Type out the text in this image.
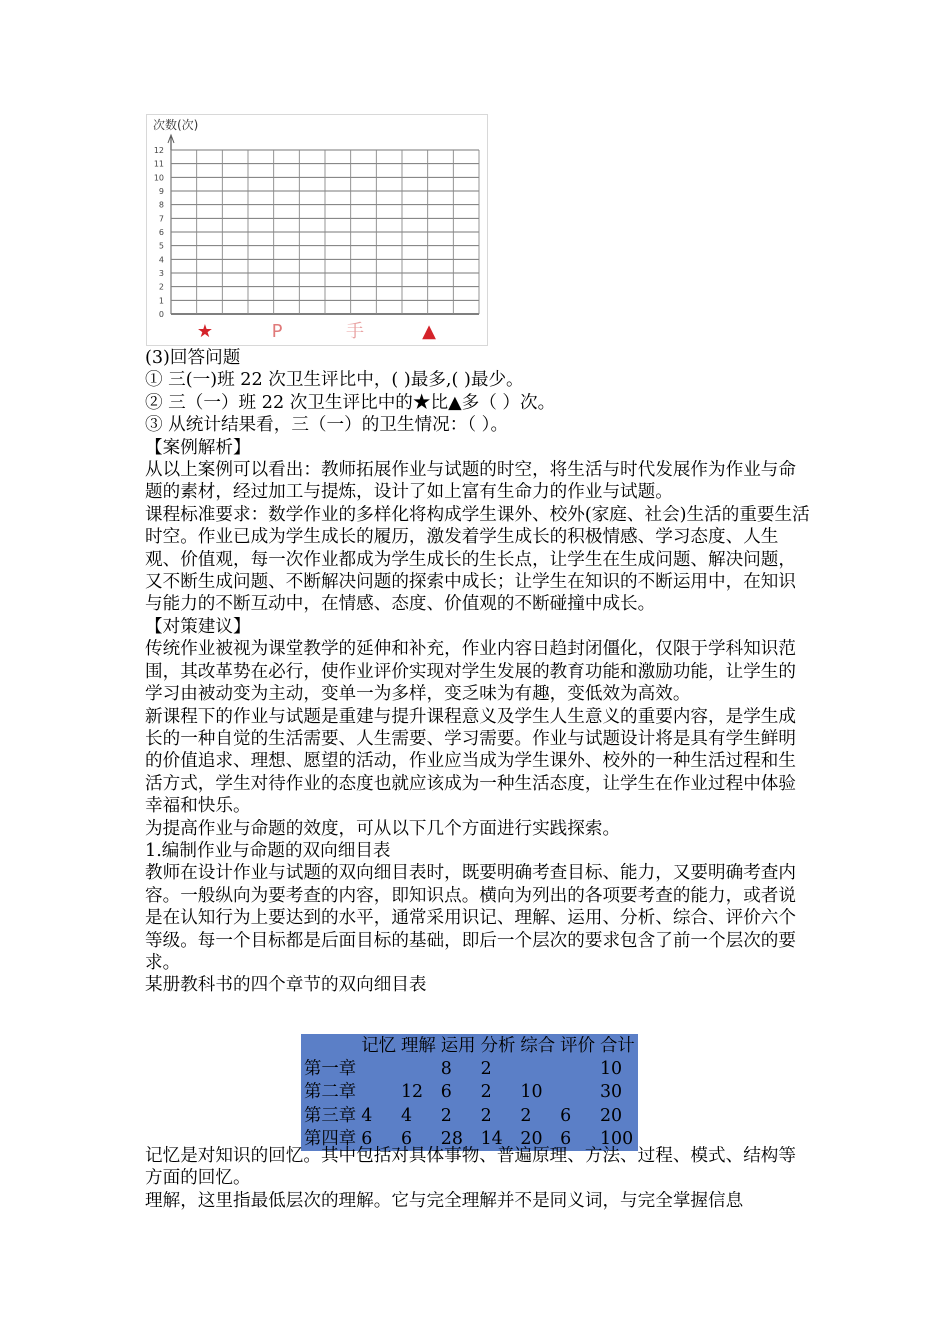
次数(次)
0
1
2
3
4
5
6
7
8
9
10
11
12
★	P	手	▲

(3)回答问题

① 三(一)班 22 次卫生评比中，( )最多,( )最少。

② 三（一）班 22 次卫生评比中的★比▲多（ ）次。

③ 从统计结果看，三（一）的卫生情况：（ ）。

【案例解析】

从以上案例可以看出：教师拓展作业与试题的时空，将生活与时代发展作为作业与命题的素材，经过加工与提炼，设计了如上富有生命力的作业与试题。

课程标准要求：数学作业的多样化将构成学生课外、校外(家庭、社会)生活的重要生活时空。作业已成为学生成长的履历，激发着学生成长的积极情感、学习态度、人生观、价值观，每一次作业都成为学生成长的生长点，让学生在生成问题、解决问题，又不断生成问题、不断解决问题的探索中成长；让学生在知识的不断运用中，在知识与能力的不断互动中，在情感、态度、价值观的不断碰撞中成长。

【对策建议】

传统作业被视为课堂教学的延伸和补充，作业内容日趋封闭僵化，仅限于学科知识范围，其改革势在必行，使作业评价实现对学生发展的教育功能和激励功能，让学生的学习由被动变为主动，变单一为多样，变乏味为有趣，变低效为高效。

新课程下的作业与试题是重建与提升课程意义及学生人生意义的重要内容，是学生成长的一种自觉的生活需要、人生需要、学习需要。作业与试题设计将是具有学生鲜明的价值追求、理想、愿望的活动，作业应当成为学生课外、校外的一种生活过程和生活方式，学生对待作业的态度也就应该成为一种生活态度，让学生在作业过程中体验幸福和快乐。

为提高作业与命题的效度，可从以下几个方面进行实践探索。

1.编制作业与命题的双向细目表

教师在设计作业与试题的双向细目表时，既要明确考查目标、能力，又要明确考查内容。一般纵向为要考查的内容，即知识点。横向为列出的各项要考查的能力，或者说是在认知行为上要达到的水平，通常采用识记、理解、运用、分析、综合、评价六个等级。每一个目标都是后面目标的基础，即后一个层次的要求包含了前一个层次的要求。

某册教科书的四个章节的双向细目表

	记忆	理解	运用	分析	综合	评价	合计
第一章			8	2			10
第二章		12	6	2	10		30
第三章	4	4	2	2	2	6	20
第四章	6	6	28	14	20	6	100

记忆是对知识的回忆。其中包括对具体事物、普遍原理、方法、过程、模式、结构等方面的回忆。

理解，这里指最低层次的理解。它与完全理解并不是同义词，与完全掌握信息
